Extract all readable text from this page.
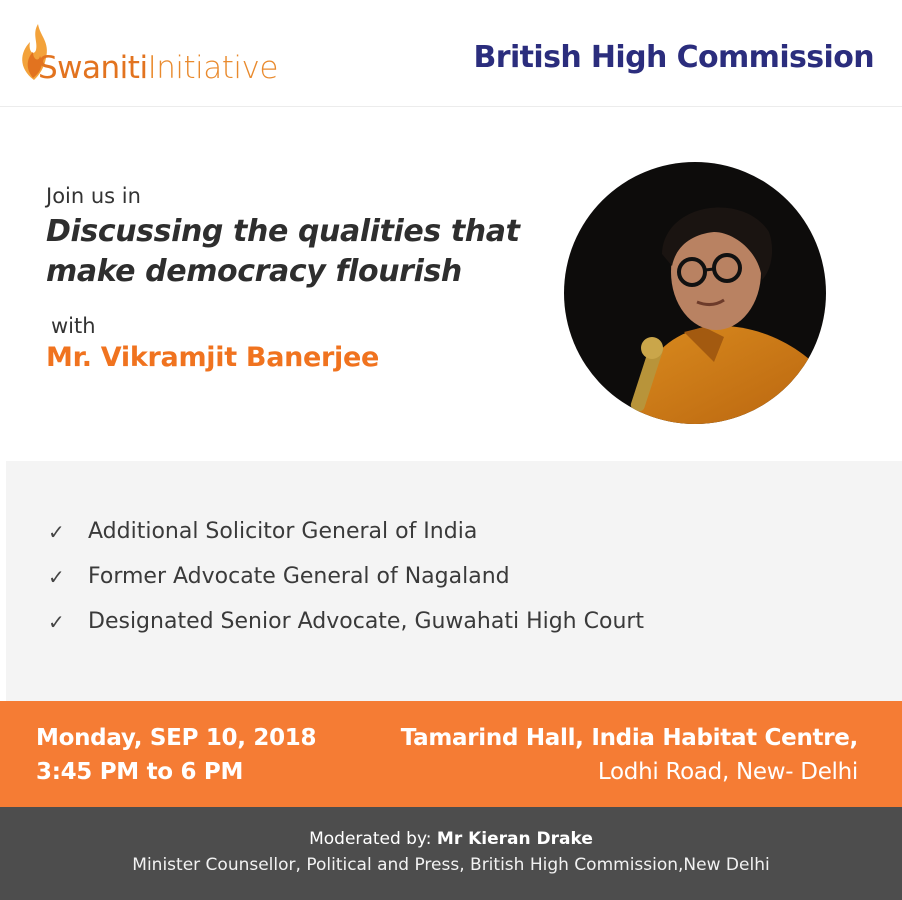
SwanitiInitiative	British High Commission
Join us in
Discussing the qualities that
make democracy flourish
with
Mr. Vikramjit Banerjee
✓	Additional Solicitor General of India
✓	Former Advocate General of Nagaland
✓	Designated Senior Advocate, Guwahati High Court
Monday, SEP 10, 2018
3:45 PM to 6 PM
Tamarind Hall, India Habitat Centre,
Lodhi Road, New- Delhi
Moderated by: Mr Kieran Drake
Minister Counsellor, Political and Press, British High Commission,New Delhi
